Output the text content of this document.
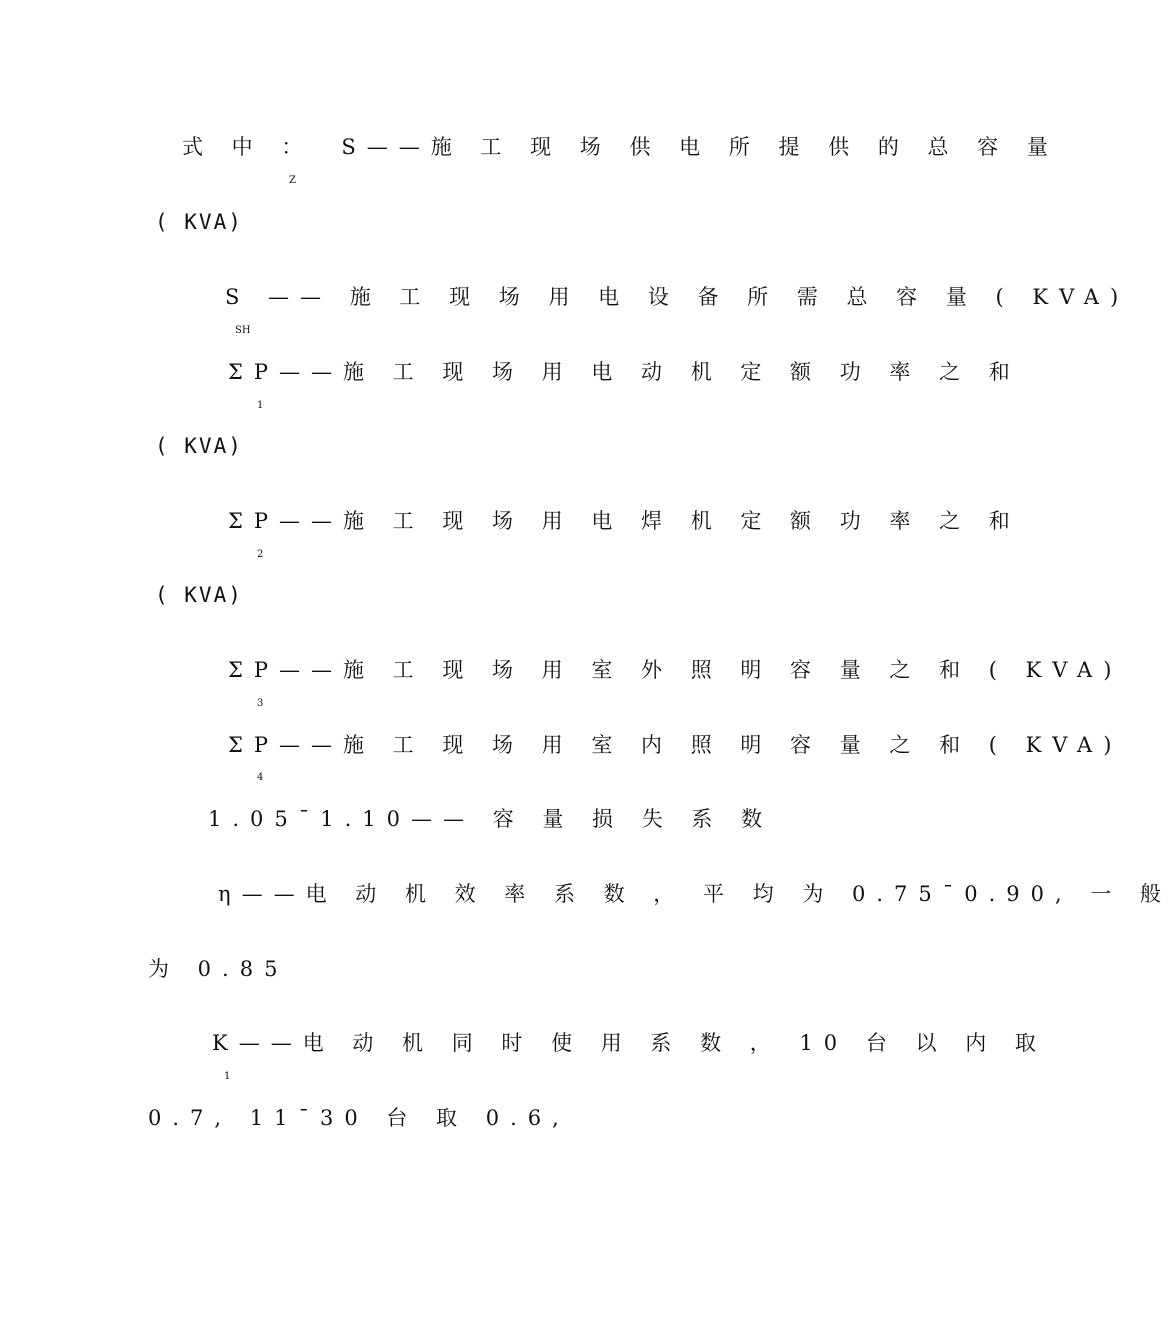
式 中 ： S——施 工 现 场 供 电 所 提 供 的 总 容 量
Z
( KVA)
S —— 施 工 现 场 用 电 设 备 所 需 总 容 量 ( KVA)
SH
ΣP——施 工 现 场 用 电 动 机 定 额 功 率 之 和
1
( KVA)
ΣP——施 工 现 场 用 电 焊 机 定 额 功 率 之 和
2
( KVA)
ΣP——施 工 现 场 用 室 外 照 明 容 量 之 和 ( KVA)
3
ΣP——施 工 现 场 用 室 内 照 明 容 量 之 和 ( KVA)
4
1.05¯1.10—— 容 量 损 失 系 数
η——电 动 机 效 率 系 数 ， 平 均 为 0.75¯0.90, 一 般
为 0.85
K——电 动 机 同 时 使 用 系 数 ， 10 台 以 内 取
1
0.7, 11¯30 台 取 0.6,
